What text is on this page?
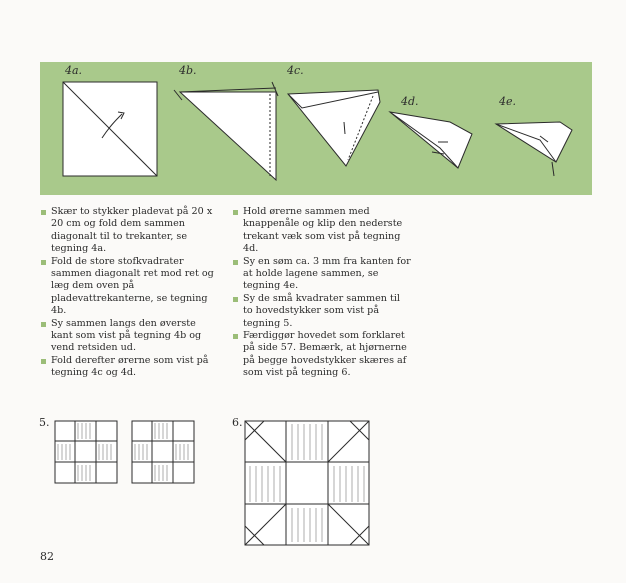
4a.	4b.	4c.
4d.	4e.

Skær to stykker pladevat på 20 x 20 cm og fold dem sammen diagonalt til to trekanter, se tegning 4a.

Fold de store stofkvadrater sammen diagonalt ret mod ret og læg dem oven på pladevattrekanterne, se tegning 4b.

Sy sammen langs den øverste kant som vist på tegning 4b og vend retsiden ud.

Fold derefter ørerne som vist på tegning 4c og 4d.

Hold ørerne sammen med knappenåle og klip den nederste trekant væk som vist på tegning 4d.

Sy en søm ca. 3 mm fra kanten for at holde lagene sammen, se tegning 4e.

Sy de små kvadrater sammen til to hovedstykker som vist på tegning 5.

Færdiggør hovedet som forklaret på side 57. Bemærk, at hjørnerne på begge hovedstykker skæres af som vist på tegning 6.

5.	6.
82
